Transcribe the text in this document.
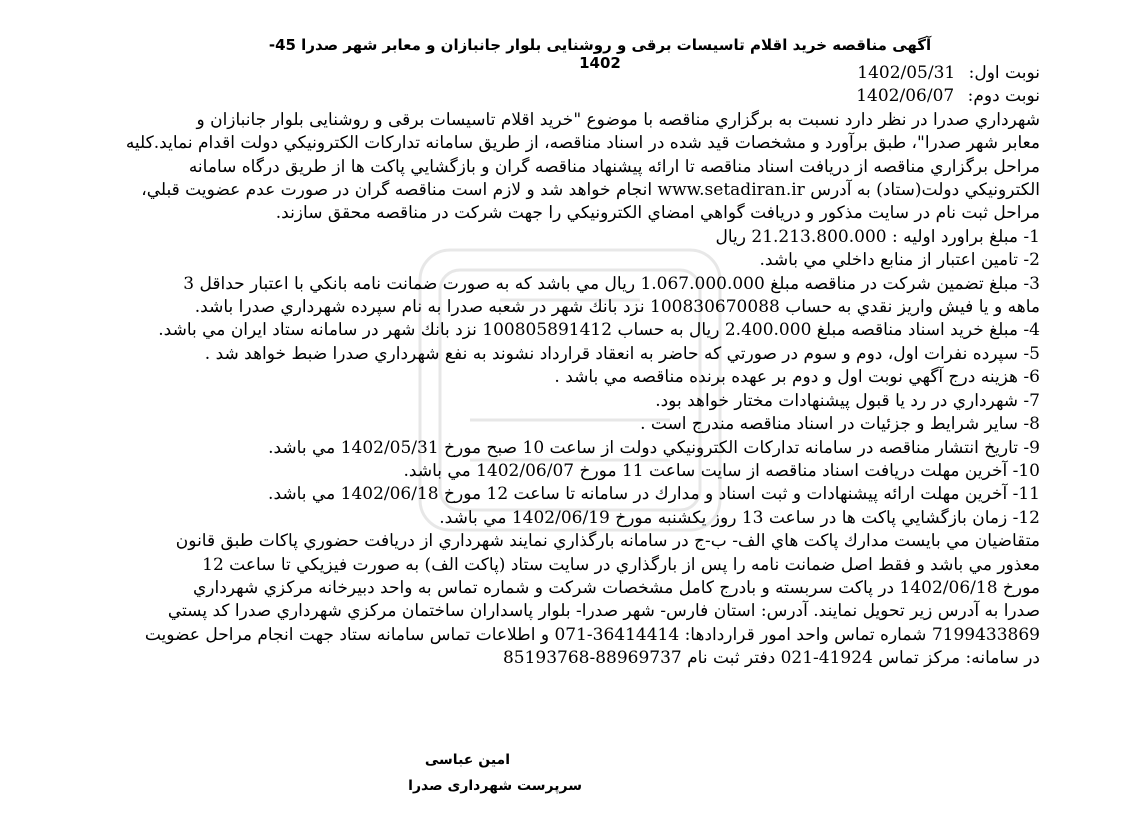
آگهی مناقصه خرید اقلام تاسیسات برقی و روشنایی بلوار جانبازان و معابر شهر صدرا 45-1402	نوبت اول: 1402/05/31
نوبت دوم: 1402/06/07
شهرداري صدرا در نظر دارد نسبت به برگزاري مناقصه با موضوع "خريد اقلام تاسيسات برقی و روشنايی بلوار جانبازان و
معابر شهر صدرا"، طبق برآورد و مشخصات قيد شده در اسناد مناقصه، از طريق سامانه تداركات الكترونيكي دولت اقدام نمايد.كليه
مراحل برگزاري مناقصه از دريافت اسناد مناقصه تا ارائه پيشنهاد مناقصه گران و بازگشايي پاكت ها از طريق درگاه سامانه
الكترونيكي دولت(ستاد) به آدرس www.setadiran.ir انجام خواهد شد و لازم است مناقصه گران در صورت عدم عضويت قبلي،
مراحل ثبت نام در سايت مذكور و دريافت گواهي امضاي الكترونيكي را جهت شركت در مناقصه محقق سازند.
1- مبلغ براورد اوليه : 21.213.800.000 ريال
2- تامين اعتبار از منابع داخلي مي باشد.
3- مبلغ تضمين شركت در مناقصه مبلغ 1.067.000.000 ريال مي باشد كه به صورت ضمانت نامه بانكي با اعتبار حداقل 3
ماهه و يا فيش واريز نقدي به حساب 100830670088 نزد بانك شهر در شعبه صدرا به نام سپرده شهرداري صدرا باشد.
4- مبلغ خريد اسناد مناقصه مبلغ 2.400.000 ريال به حساب 100805891412 نزد بانك شهر در سامانه ستاد ايران مي باشد.
5- سپرده نفرات اول، دوم و سوم در صورتي كه حاضر به انعقاد قرارداد نشوند به نفع شهرداري صدرا ضبط خواهد شد .
6- هزينه درج آگهي نوبت اول و دوم بر عهده برنده مناقصه مي باشد .
7- شهرداري در رد يا قبول پيشنهادات مختار خواهد بود.
8- ساير شرايط و جزئيات در اسناد مناقصه مندرج است .
9- تاريخ انتشار مناقصه در سامانه تداركات الكترونيكي دولت از ساعت 10 صبح مورخ 1402/05/31 مي باشد.
10- آخرين مهلت دريافت اسناد مناقصه از سايت ساعت 11 مورخ 1402/06/07 مي باشد.
11- آخرين مهلت ارائه پيشنهادات و ثبت اسناد و مدارك در سامانه تا ساعت 12 مورخ 1402/06/18 مي باشد.
12- زمان بازگشايي پاكت ها در ساعت 13 روز يكشنبه مورخ 1402/06/19 مي باشد.
متقاضيان مي بايست مدارك پاكت هاي الف- ب-ج در سامانه بارگذاري نمايند شهرداري از دريافت حضوري پاكات طبق قانون
معذور مي باشد و فقط اصل ضمانت نامه را پس از بارگذاري در سايت ستاد (پاكت الف) به صورت فيزيكي تا ساعت 12
مورخ 1402/06/18 در پاكت سربسته و بادرج كامل مشخصات شركت و شماره تماس به واحد دبيرخانه مركزي شهرداري
صدرا به آدرس زير تحويل نمايند. آدرس: استان فارس- شهر صدرا- بلوار پاسداران ساختمان مركزي شهرداري صدرا كد پستي
7199433869 شماره تماس واحد امور قراردادها: 36414414-071 و اطلاعات تماس سامانه ستاد جهت انجام مراحل عضويت
در سامانه: مركز تماس 41924-021 دفتر ثبت نام 88969737-85193768
امین عباسی
سرپرست شهرداری صدرا
